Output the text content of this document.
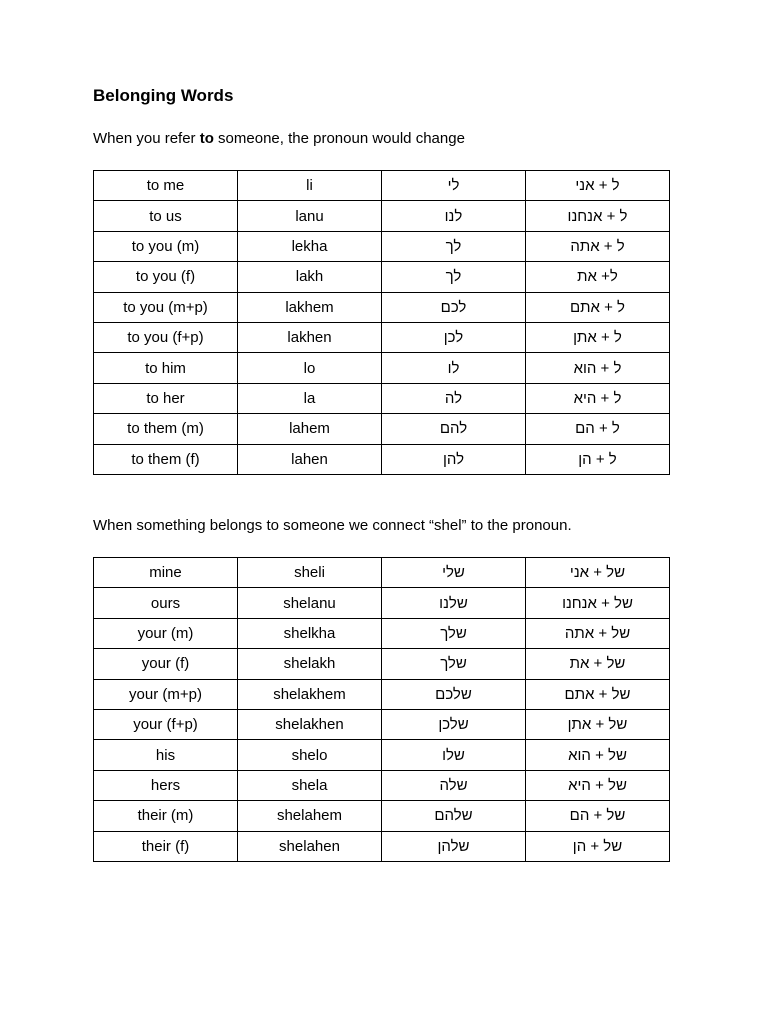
Belonging Words

When you refer to someone, the pronoun would change

to me	li	לי	ל + אני
to us	lanu	לנו	ל + אנחנו
to you (m)	lekha	לך	ל + אתה
to you (f)	lakh	לך	ל+ את
to you (m+p)	lakhem	לכם	ל + אתם
to you (f+p)	lakhen	לכן	ל + אתן
to him	lo	לו	ל + הוא
to her	la	לה	ל + היא
to them (m)	lahem	להם	ל + הם
to them (f)	lahen	להן	ל + הן

When something belongs to someone we connect “shel” to the pronoun.

mine	sheli	שלי	של + אני
ours	shelanu	שלנו	של + אנחנו
your (m)	shelkha	שלך	של + אתה
your (f)	shelakh	שלך	של + את
your (m+p)	shelakhem	שלכם	של + אתם
your (f+p)	shelakhen	שלכן	של + אתן
his	shelo	שלו	של + הוא
hers	shela	שלה	של + היא
their (m)	shelahem	שלהם	של + הם
their (f)	shelahen	שלהן	של + הן
